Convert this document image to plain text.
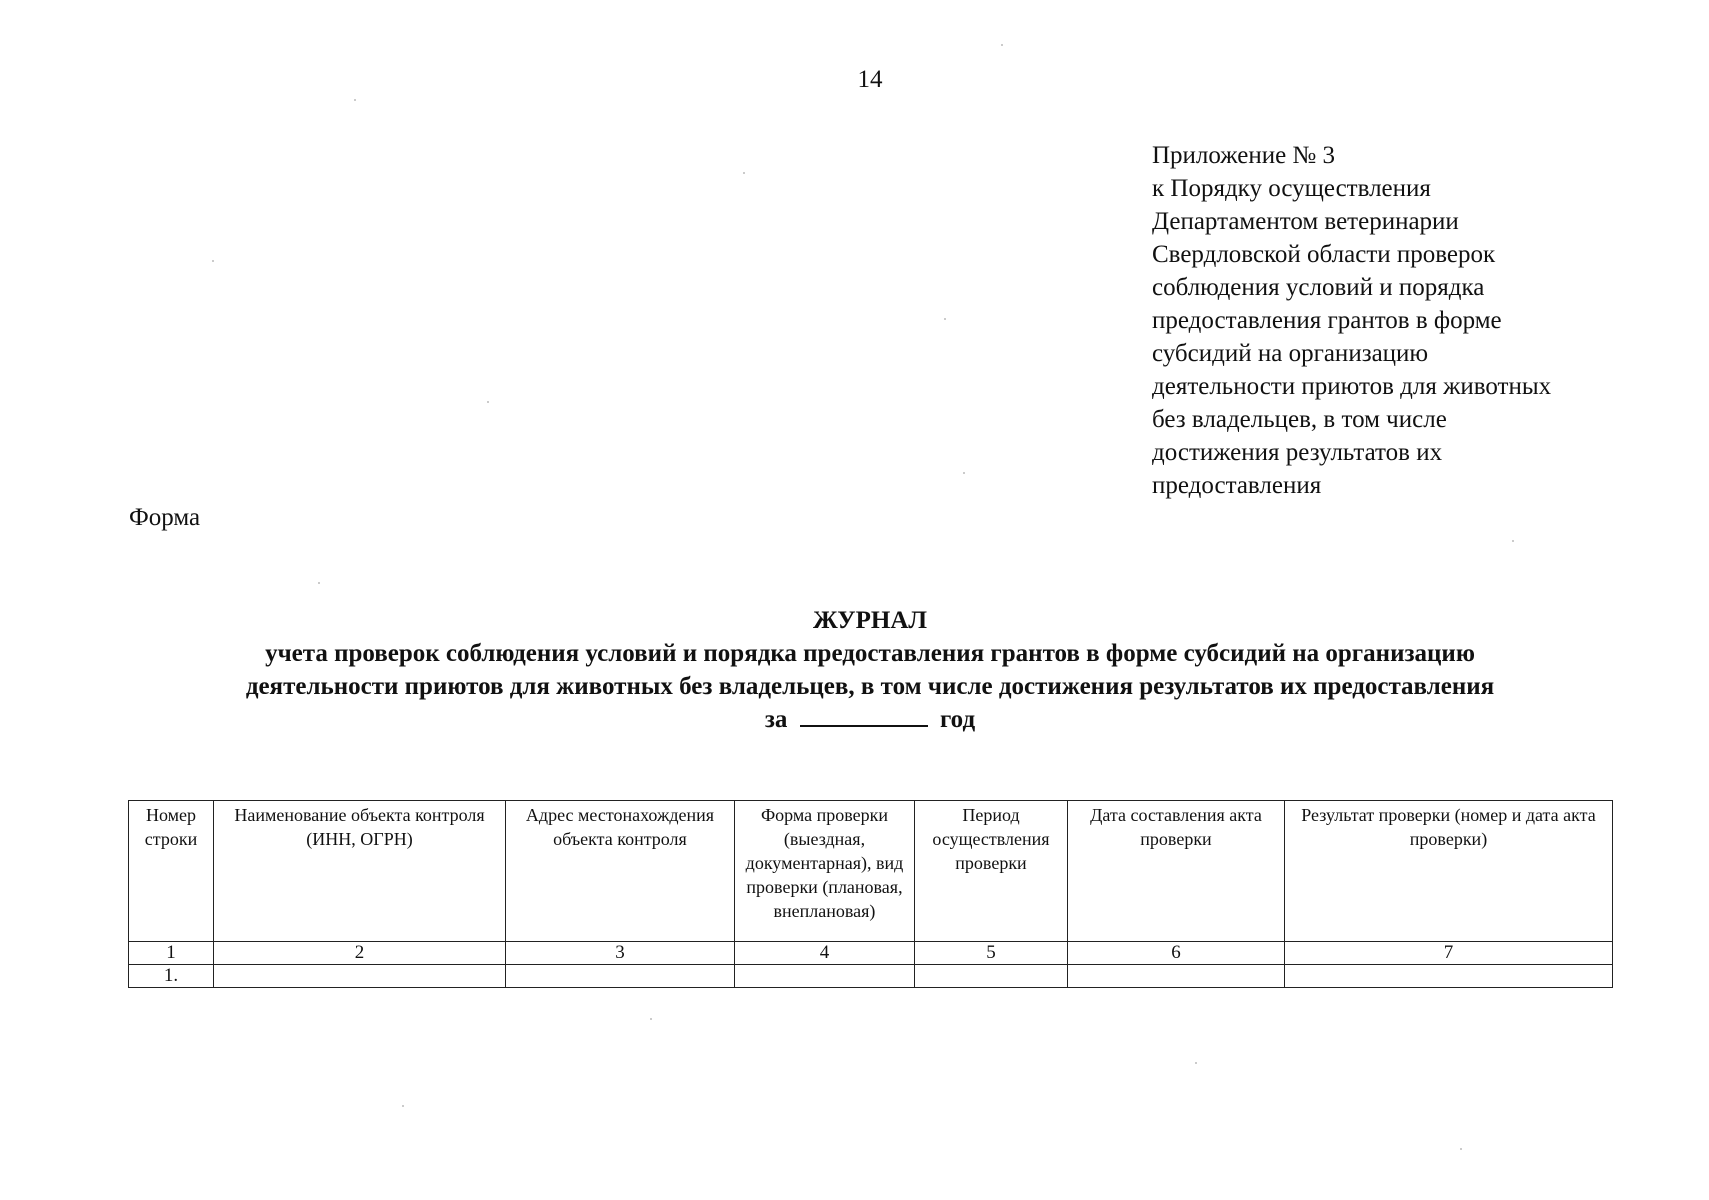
14
Приложение № 3
к Порядку осуществления
Департаментом ветеринарии
Свердловской области проверок
соблюдения условий и порядка
предоставления грантов в форме
субсидий на организацию
деятельности приютов для животных
без владельцев, в том числе
достижения результатов их
предоставления
Форма
ЖУРНАЛ
учета проверок соблюдения условий и порядка предоставления грантов в форме субсидий на организацию
деятельности приютов для животных без владельцев, в том числе достижения результатов их предоставления
за	год
Номер строки	Наименование объекта контроля (ИНН, ОГРН)	Адрес местонахождения объекта контроля	Форма проверки (выездная, документарная), вид проверки (плановая, внеплановая)	Период осуществления проверки	Дата составления акта проверки	Результат проверки (номер и дата акта проверки)
1	2	3	4	5	6	7
1.						
